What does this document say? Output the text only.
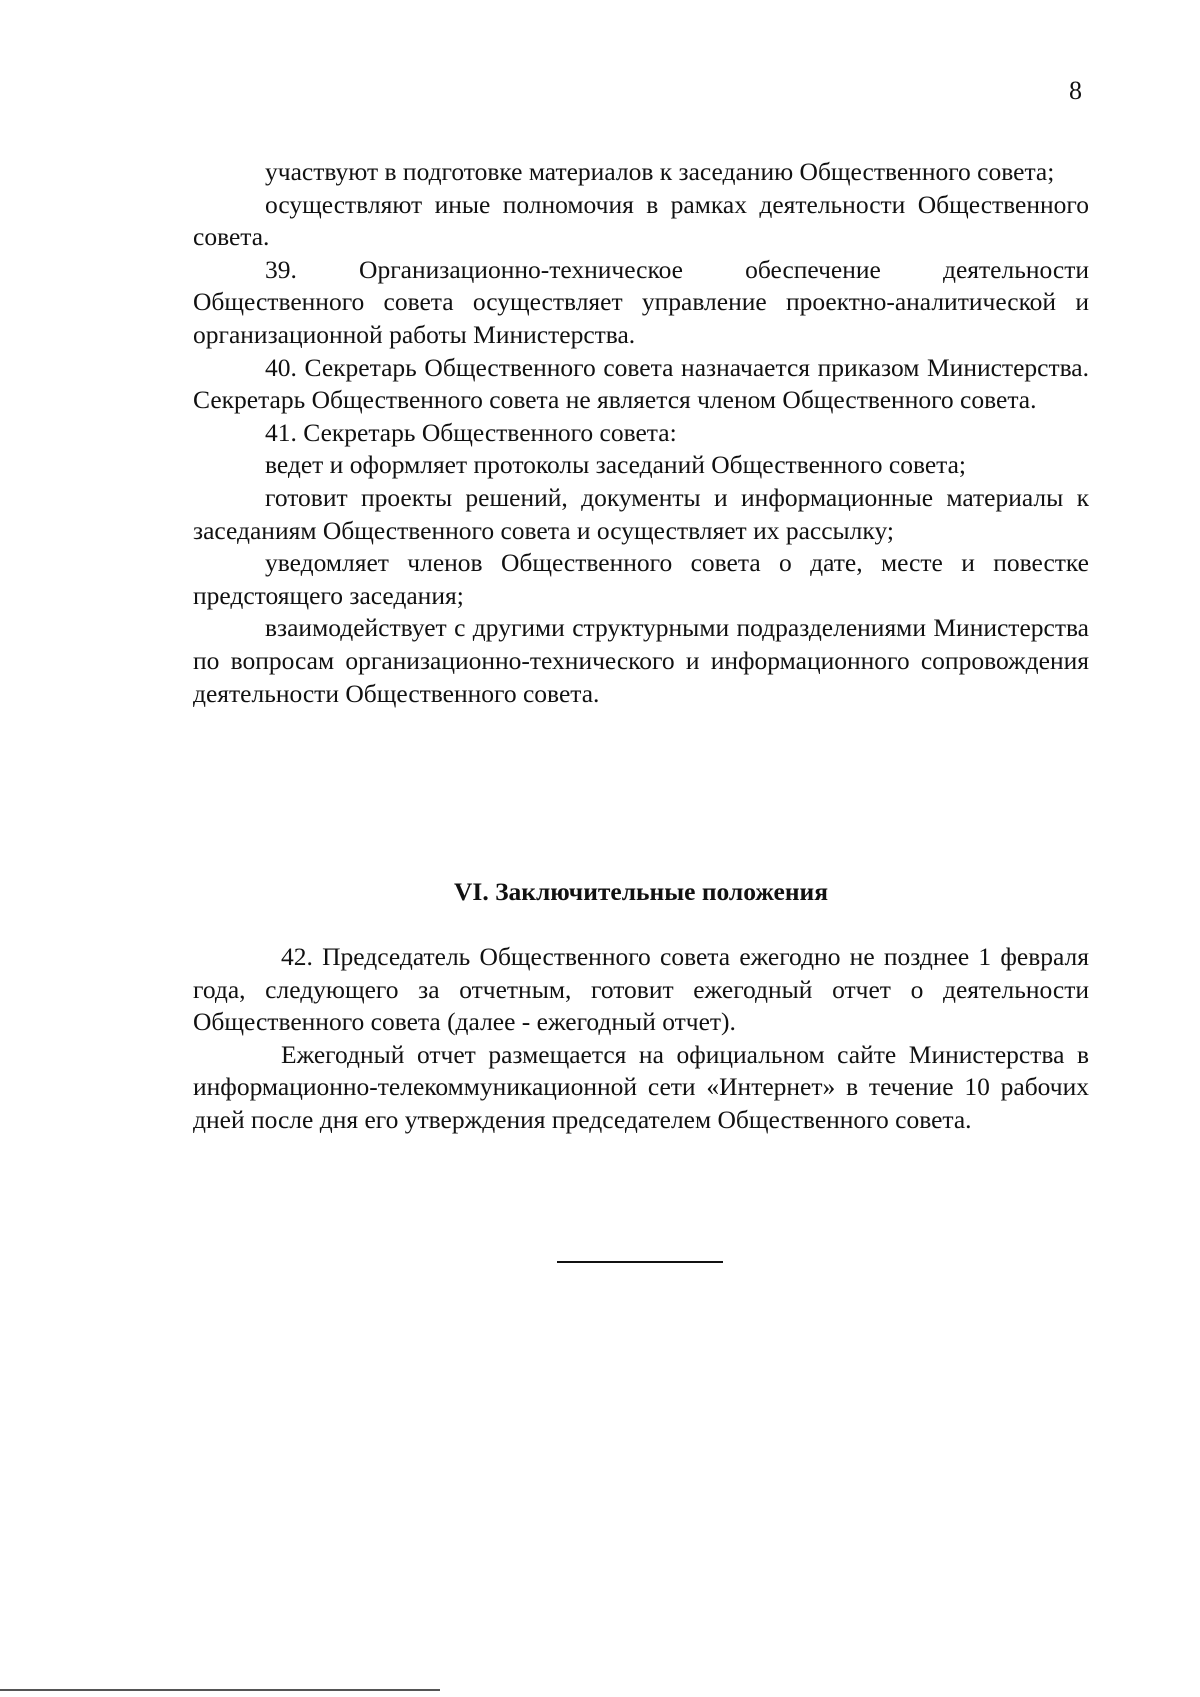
8

участвуют в подготовке материалов к заседанию Общественного совета;

осуществляют иные полномочия в рамках деятельности Общественного совета.

39. Организационно-техническое обеспечение деятельности Общественного совета осуществляет управление проектно-аналитической и организационной работы Министерства.

40. Секретарь Общественного совета назначается приказом Министерства. Секретарь Общественного совета не является членом Общественного совета.

41. Секретарь Общественного совета:

ведет и оформляет протоколы заседаний Общественного совета;

готовит проекты решений, документы и информационные материалы к заседаниям Общественного совета и осуществляет их рассылку;

уведомляет членов Общественного совета о дате, месте и повестке предстоящего заседания;

взаимодействует с другими структурными подразделениями Министерства по вопросам организационно-технического и информационного сопровождения деятельности Общественного совета.

VI. Заключительные положения

42. Председатель Общественного совета ежегодно не позднее 1 февраля года, следующего за отчетным, готовит ежегодный отчет о деятельности Общественного совета (далее - ежегодный отчет).

Ежегодный отчет размещается на официальном сайте Министерства в информационно-телекоммуникационной сети «Интернет» в течение 10 рабочих дней после дня его утверждения председателем Общественного совета.
